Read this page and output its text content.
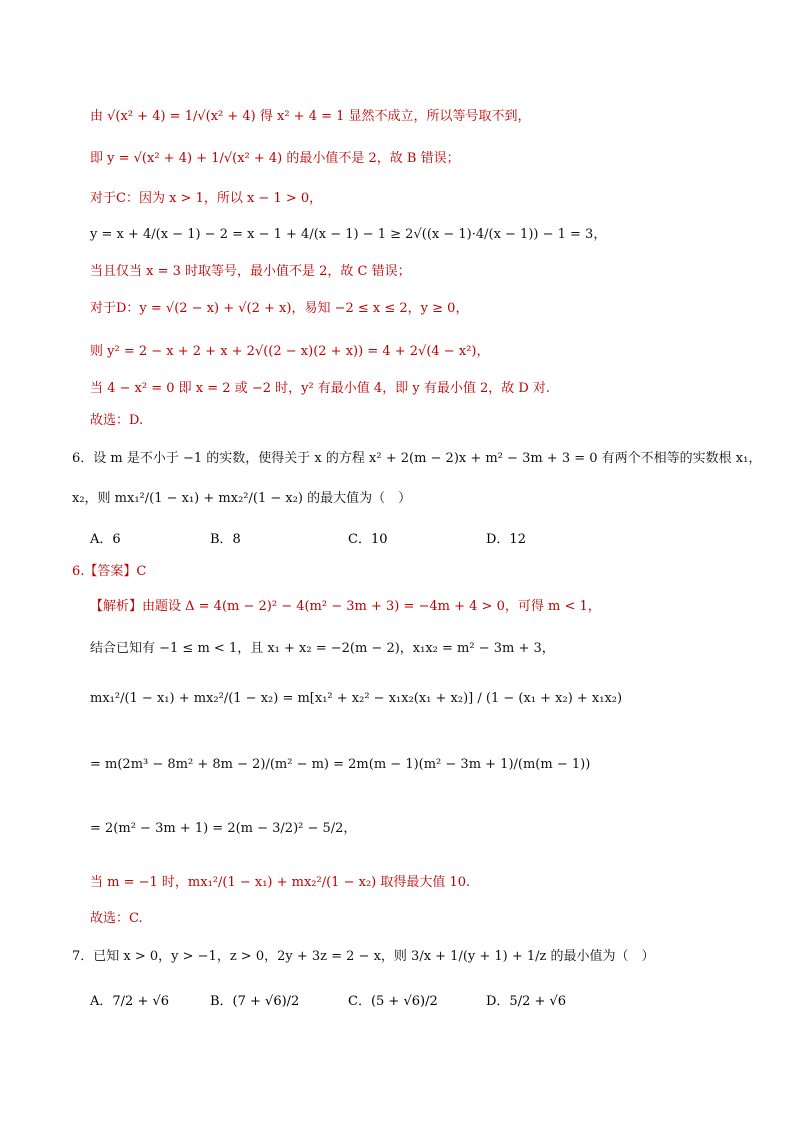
由 √(x² + 4) = 1/√(x² + 4) 得 x² + 4 = 1 显然不成立，所以等号取不到，
即 y = √(x² + 4) + 1/√(x² + 4) 的最小值不是 2，故 B 错误；
对于C：因为 x > 1，所以 x − 1 > 0，
y = x + 4/(x − 1) − 2 = x − 1 + 4/(x − 1) − 1 ≥ 2√((x − 1)·4/(x − 1)) − 1 = 3，
当且仅当 x = 3 时取等号，最小值不是 2，故 C 错误；
对于D：y = √(2 − x) + √(2 + x)，易知 −2 ≤ x ≤ 2，y ≥ 0，
则 y² = 2 − x + 2 + x + 2√((2 − x)(2 + x)) = 4 + 2√(4 − x²)，
当 4 − x² = 0 即 x = 2 或 −2 时，y² 有最小值 4，即 y 有最小值 2，故 D 对.
故选：D.
6．设 m 是不小于 −1 的实数，使得关于 x 的方程 x² + 2(m − 2)x + m² − 3m + 3 = 0 有两个不相等的实数根 x₁，
x₂，则 mx₁²/(1 − x₁) + mx₂²/(1 − x₂) 的最大值为（　）
A．6	B．8	C．10	D．12
6.【答案】C
【解析】由题设 Δ = 4(m − 2)² − 4(m² − 3m + 3) = −4m + 4 > 0，可得 m < 1，
结合已知有 −1 ≤ m < 1，且 x₁ + x₂ = −2(m − 2)，x₁x₂ = m² − 3m + 3，
mx₁²/(1 − x₁) + mx₂²/(1 − x₂) = m[x₁² + x₂² − x₁x₂(x₁ + x₂)] / (1 − (x₁ + x₂) + x₁x₂)
= m(2m³ − 8m² + 8m − 2)/(m² − m) = 2m(m − 1)(m² − 3m + 1)/(m(m − 1))
= 2(m² − 3m + 1) = 2(m − 3/2)² − 5/2，
当 m = −1 时，mx₁²/(1 − x₁) + mx₂²/(1 − x₂) 取得最大值 10.
故选：C.
7．已知 x > 0，y > −1，z > 0，2y + 3z = 2 − x，则 3/x + 1/(y + 1) + 1/z 的最小值为（　）
A．7/2 + √6	B．(7 + √6)/2	C．(5 + √6)/2	D．5/2 + √6
